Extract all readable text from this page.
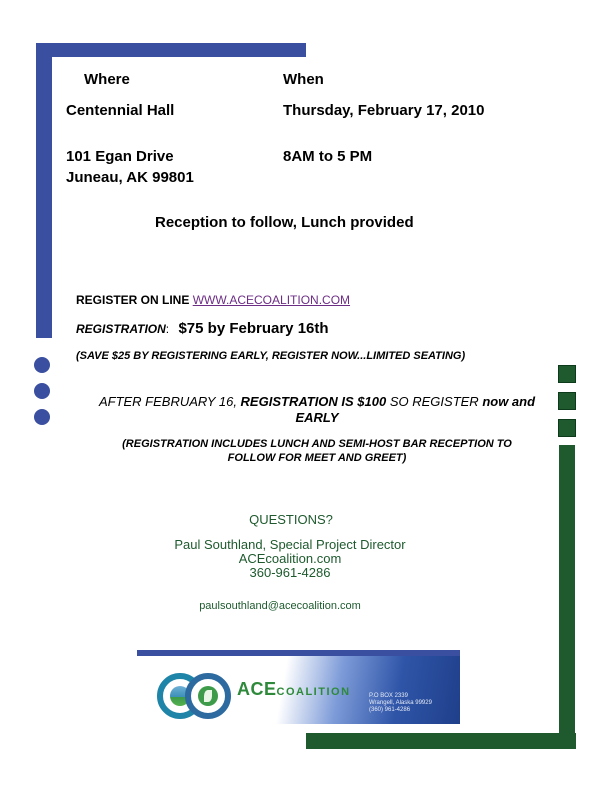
Where	When
Centennial Hall	Thursday, February 17, 2010
101 Egan Drive	8AM to 5 PM
Juneau, AK 99801
Reception to follow, Lunch provided
REGISTER ON LINE WWW.ACECOALITION.COM
REGISTRATION: $75 by February 16th
(SAVE $25 BY REGISTERING EARLY, REGISTER NOW...LIMITED SEATING)
AFTER FEBRUARY 16, REGISTRATION IS $100 SO REGISTER now and
EARLY
(REGISTRATION INCLUDES LUNCH AND SEMI-HOST BAR RECEPTION TO
FOLLOW FOR MEET AND GREET)
QUESTIONS?
Paul Southland, Special Project Director
ACEcoalition.com
360-961-4286
paulsouthland@acecoalition.com
ACECOALITION	P.O BOX 2339
Wrangell, Alaska 99929
(360) 961-4286
